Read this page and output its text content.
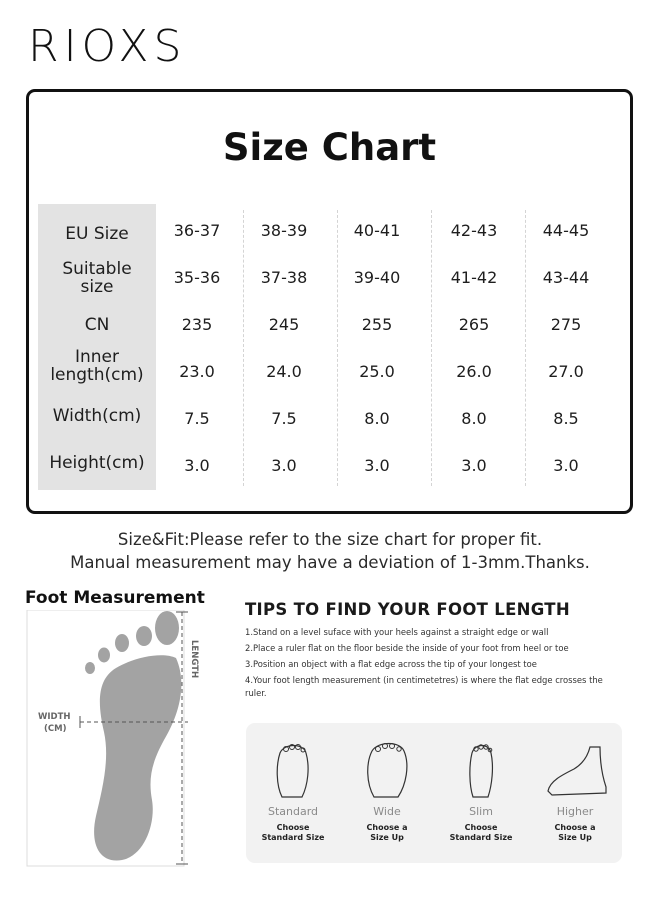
RIOXS
Size Chart
EU Size	36-37	38-39	40-41	42-43	44-45
Suitable size	35-36	37-38	39-40	41-42	43-44
CN	235	245	255	265	275
Inner length(cm)	23.0	24.0	25.0	26.0	27.0
Width(cm)	7.5	7.5	8.0	8.0	8.5
Height(cm)	3.0	3.0	3.0	3.0	3.0
Size&Fit:Please refer to the size chart for proper fit.
Manual measurement may have a deviation of 1-3mm.Thanks.
Foot Measurement
LENGTH
WIDTH
(CM)
TIPS TO FIND YOUR FOOT LENGTH
1.Stand on a level suface with your heels against a straight edge or wall
2.Place a ruler flat on the floor beside the inside of your foot from heel or toe
3.Position an object with a flat edge across the tip of your longest toe
4.Your foot length measurement (in centimetetres) is where the flat edge crosses the ruler.
Standard
Choose
Standard Size
Wide
Choose a
Size Up
Slim
Choose
Standard Size
Higher
Choose a
Size Up
